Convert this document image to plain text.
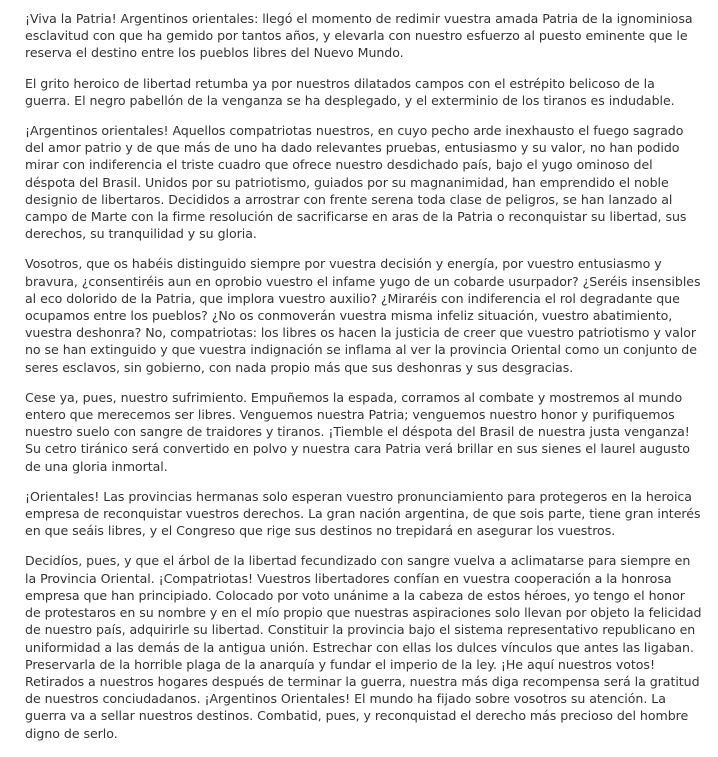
¡Viva la Patria! Argentinos orientales: llegó el momento de redimir vuestra amada Patria de la ignominiosa esclavitud con que ha gemido por tantos años, y elevarla con nuestro esfuerzo al puesto eminente que le reserva el destino entre los pueblos libres del Nuevo Mundo.

El grito heroico de libertad retumba ya por nuestros dilatados campos con el estrépito belicoso de la guerra. El negro pabellón de la venganza se ha desplegado, y el exterminio de los tiranos es indudable.

¡Argentinos orientales! Aquellos compatriotas nuestros, en cuyo pecho arde inexhausto el fuego sagrado del amor patrio y de que más de uno ha dado relevantes pruebas, entusiasmo y su valor, no han podido mirar con indiferencia el triste cuadro que ofrece nuestro desdichado país, bajo el yugo ominoso del déspota del Brasil. Unidos por su patriotismo, guiados por su magnanimidad, han emprendido el noble designio de libertaros. Decididos a arrostrar con frente serena toda clase de peligros, se han lanzado al campo de Marte con la firme resolución de sacrificarse en aras de la Patria o reconquistar su libertad, sus derechos, su tranquilidad y su gloria.

Vosotros, que os habéis distinguido siempre por vuestra decisión y energía, por vuestro entusiasmo y bravura, ¿consentiréis aun en oprobio vuestro el infame yugo de un cobarde usurpador? ¿Seréis insensibles al eco dolorido de la Patria, que implora vuestro auxilio? ¿Miraréis con indiferencia el rol degradante que ocupamos entre los pueblos? ¿No os conmoverán vuestra misma infeliz situación, vuestro abatimiento, vuestra deshonra? No, compatriotas: los libres os hacen la justicia de creer que vuestro patriotismo y valor no se han extinguido y que vuestra indignación se inflama al ver la provincia Oriental como un conjunto de seres esclavos, sin gobierno, con nada propio más que sus deshonras y sus desgracias.

Cese ya, pues, nuestro sufrimiento. Empuñemos la espada, corramos al combate y mostremos al mundo entero que merecemos ser libres. Venguemos nuestra Patria; venguemos nuestro honor y purifiquemos nuestro suelo con sangre de traidores y tiranos. ¡Tiemble el déspota del Brasil de nuestra justa venganza! Su cetro tiránico será convertido en polvo y nuestra cara Patria verá brillar en sus sienes el laurel augusto de una gloria inmortal.

¡Orientales! Las provincias hermanas solo esperan vuestro pronunciamiento para protegeros en la heroica empresa de reconquistar vuestros derechos. La gran nación argentina, de que sois parte, tiene gran interés en que seáis libres, y el Congreso que rige sus destinos no trepidará en asegurar los vuestros.

Decidíos, pues, y que el árbol de la libertad fecundizado con sangre vuelva a aclimatarse para siempre en la Provincia Oriental. ¡Compatriotas! Vuestros libertadores confían en vuestra cooperación a la honrosa empresa que han principiado. Colocado por voto unánime a la cabeza de estos héroes, yo tengo el honor de protestaros en su nombre y en el mío propio que nuestras aspiraciones solo llevan por objeto la felicidad de nuestro país, adquirirle su libertad. Constituir la provincia bajo el sistema representativo republicano en uniformidad a las demás de la antigua unión. Estrechar con ellas los dulces vínculos que antes las ligaban. Preservarla de la horrible plaga de la anarquía y fundar el imperio de la ley. ¡He aquí nuestros votos! Retirados a nuestros hogares después de terminar la guerra, nuestra más diga recompensa será la gratitud de nuestros conciudadanos. ¡Argentinos Orientales! El mundo ha fijado sobre vosotros su atención. La guerra va a sellar nuestros destinos. Combatid, pues, y reconquistad el derecho más precioso del hombre digno de serlo.
